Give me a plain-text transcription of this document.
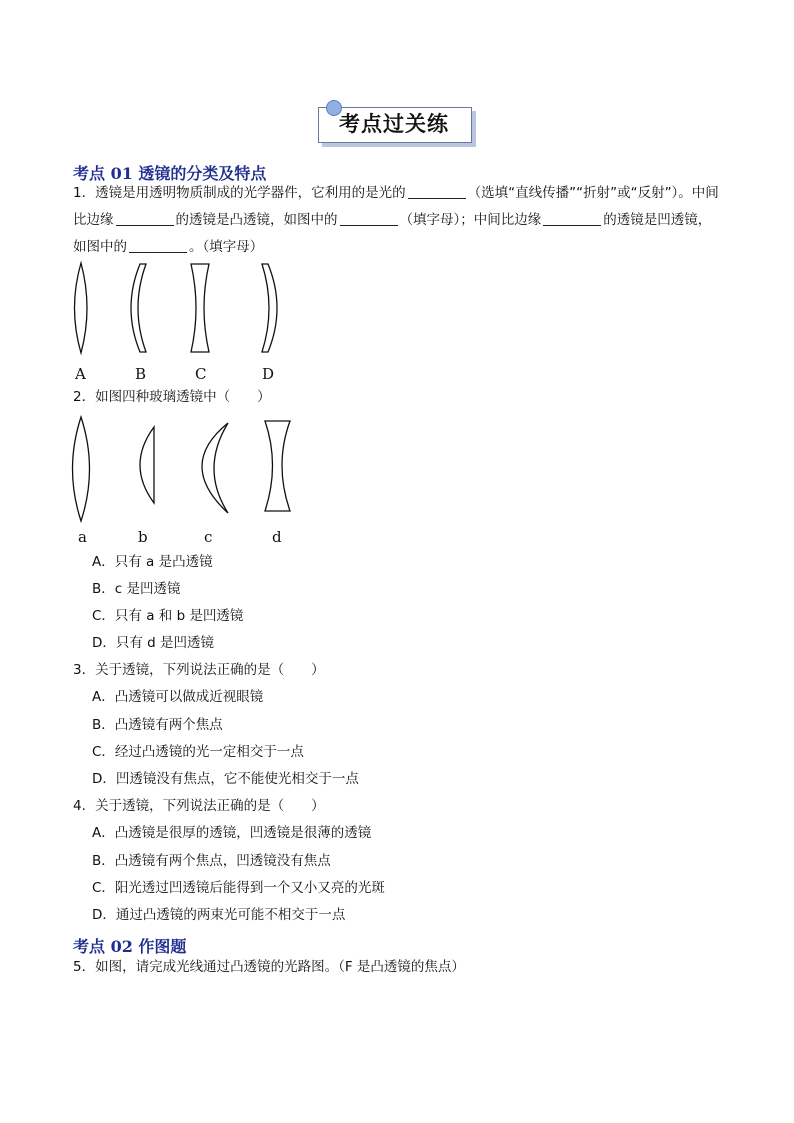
考点过关练
考点 01 透镜的分类及特点
1．透镜是用透明物质制成的光学器件，它利用的是光的	（选填“直线传播”“折射”或“反射”）。中间
比边缘	的透镜是凸透镜，如图中的	（填字母）；中间比边缘	的透镜是凹透镜，
如图中的	。（填字母）
A	B	C	D
2．如图四种玻璃透镜中（　　）
a	b	c	d
A．只有 a 是凸透镜
B．c 是凹透镜
C．只有 a 和 b 是凹透镜
D．只有 d 是凹透镜
3．关于透镜，下列说法正确的是（　　）
A．凸透镜可以做成近视眼镜
B．凸透镜有两个焦点
C．经过凸透镜的光一定相交于一点
D．凹透镜没有焦点，它不能使光相交于一点
4．关于透镜，下列说法正确的是（　　）
A．凸透镜是很厚的透镜，凹透镜是很薄的透镜
B．凸透镜有两个焦点，凹透镜没有焦点
C．阳光透过凹透镜后能得到一个又小又亮的光斑
D．通过凸透镜的两束光可能不相交于一点
考点 02 作图题
5．如图，请完成光线通过凸透镜的光路图。（F 是凸透镜的焦点）
